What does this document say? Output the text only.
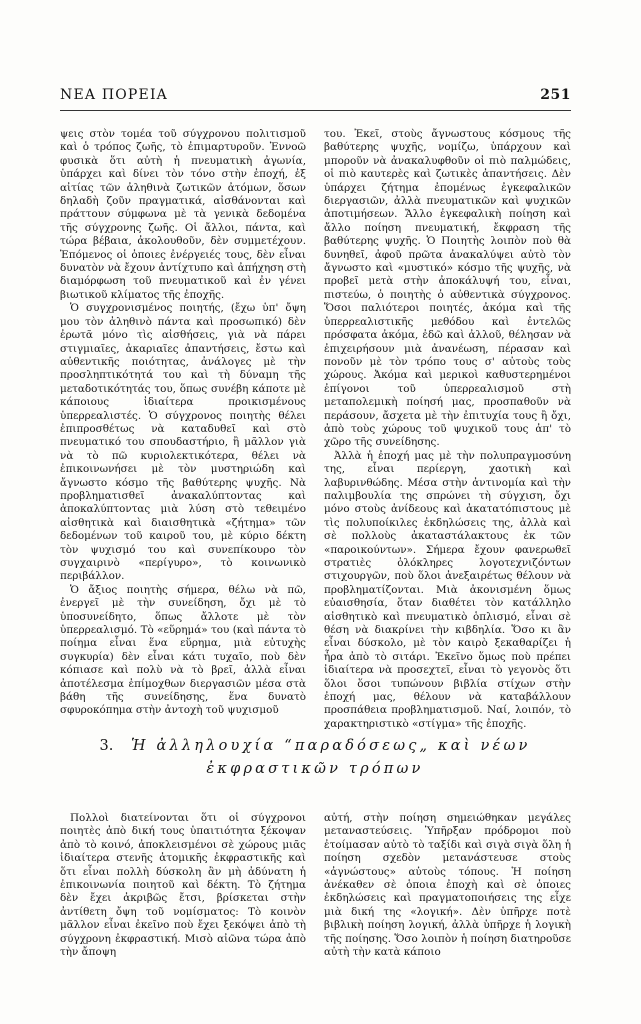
ΝΕΑ ΠΟΡΕΙΑ	251

ψεις στὸν τομέα τοῦ σύγχρονου πολιτισμοῦ καὶ ὁ τρόπος ζωῆς, τὸ ἐπιμαρτυροῦν. Ἐννοῶ φυσικὰ ὅτι αὐτὴ ἡ πνευματικὴ ἀγωνία, ὑπάρχει καὶ δίνει τὸν τόνο στὴν ἐποχή, ἐξ αἰτίας τῶν ἀληθινὰ ζωτικῶν ἀτόμων, ὅσων δηλαδὴ ζοῦν πραγματικά, αἰσθάνονται καὶ πράττουν σύμφωνα μὲ τὰ γενικὰ δεδομένα τῆς σύγχρονης ζωῆς. Οἱ ἄλλοι, πάντα, καὶ τώρα βέβαια, ἀκολουθοῦν, δὲν συμμετέχουν. Ἑπόμενος οἱ ὁποιες ἐνέργειές τους, δὲν εἶναι δυνατὸν νὰ ἔχουν ἀντίχτυπο καὶ ἀπήχηση στὴ διαμόρφωση τοῦ πνευματικοῦ καὶ ἐν γένει βιωτικοῦ κλίματος τῆς ἐποχῆς.

Ὁ συγχρονισμένος ποιητής, (ἔχω ὑπ' ὄψη μου τὸν ἀληθινὸ πάντα καὶ προσωπικό) δὲν ἐρωτᾶ μόνο τὶς αἰσθήσεις, γιὰ νὰ πάρει στιγμιαῖες, ἀκαριαῖες ἀπαντήσεις, ἔστω καὶ αὐθεντικῆς ποιότητας, ἀνάλογες μὲ τὴν προσληπτικότητά του καὶ τὴ δύναμη τῆς μεταδοτικότητάς του, ὅπως συνέβη κάποτε μὲ κάποιους ἰδιαίτερα προικισμένους ὑπερρεαλιστές. Ὁ σύγχρονος ποιητὴς θέλει ἐπιπροσθέτως νὰ καταδυθεῖ καὶ στὸ πνευματικό του σπουδαστήριο, ἢ μᾶλλον γιὰ νὰ τὸ πῶ κυριολεκτικότερα, θέλει νὰ ἐπικοινωνήσει μὲ τὸν μυστηριώδη καὶ ἄγνωστο κόσμο τῆς βαθύτερης ψυχῆς. Νὰ προβληματισθεῖ ἀνακαλύπτοντας καὶ ἀποκαλύπτοντας μιὰ λύση στὸ τεθειμένο αἰσθητικὰ καὶ διαισθητικὰ «ζήτημα» τῶν δεδομένων τοῦ καιροῦ του, μὲ κύριο δέκτη τὸν ψυχισμό του καὶ συνεπίκουρο τὸν συγχαιρινὸ «περίγυρο», τὸ κοινωνικὸ περιβάλλον.

Ὁ ἄξιος ποιητὴς σήμερα, θέλω νὰ πῶ, ἐνεργεῖ μὲ τὴν συνείδηση, ὄχι μὲ τὸ ὑποσυνείδητο, ὅπως ἄλλοτε μὲ τὸν ὑπερρεαλισμό. Τὸ «εὕρημά» του (καὶ πάντα τὸ ποίημα εἶναι ἕνα εὕρημα, μιὰ εὐτυχὴς συγκυρία) δὲν εἶναι κάτι τυχαῖο, ποὺ δὲν κόπιασε καὶ πολὺ νὰ τὸ βρεῖ, ἀλλὰ εἶναι ἀποτέλεσμα ἐπίμοχθων διεργασιῶν μέσα στὰ βάθη τῆς συνείδησης, ἕνα δυνατὸ σφυροκόπημα στὴν ἀντοχὴ τοῦ ψυχισμοῦ

του. Ἐκεῖ, στοὺς ἄγνωστους κόσμους τῆς βαθύτερης ψυχῆς, νομίζω, ὑπάρχουν καὶ μποροῦν νὰ ἀνακαλυφθοῦν οἱ πιὸ παλμώδεις, οἱ πιὸ καυτερὲς καὶ ζωτικὲς ἀπαντήσεις. Δὲν ὑπάρχει ζήτημα ἐπομένως ἐγκεφαλικῶν διεργασιῶν, ἀλλὰ πνευματικῶν καὶ ψυχικῶν ἀποτιμήσεων. Ἄλλο ἐγκεφαλικὴ ποίηση καὶ ἄλλο ποίηση πνευματική, ἔκφραση τῆς βαθύτερης ψυχῆς. Ὁ Ποιητὴς λοιπὸν ποὺ θὰ δυνηθεῖ, ἀφοῦ πρῶτα ἀνακαλύψει αὐτὸ τὸν ἄγνωστο καὶ «μυστικό» κόσμο τῆς ψυχῆς, νὰ προβεῖ μετὰ στὴν ἀποκάλυψή του, εἶναι, πιστεύω, ὁ ποιητὴς ὁ αὐθεντικὰ σύγχρονος. Ὅσοι παλιότεροι ποιητές, ἀκόμα καὶ τῆς ὑπερρεαλιστικῆς μεθόδου καὶ ἐντελῶς πρόσφατα ἀκόμα, ἐδῶ καὶ ἀλλοῦ, θέλησαν νὰ ἐπιχειρήσουν μιὰ ἀνανέωση, πέρασαν καὶ πονοῦν μὲ τὸν τρόπο τους σ' αὐτοὺς τοὺς χώρους. Ἀκόμα καὶ μερικοὶ καθυστερημένοι ἐπίγονοι τοῦ ὑπερρεαλισμοῦ στὴ μεταπολεμικὴ ποίησή μας, προσπαθοῦν νὰ περάσουν, ἄσχετα μὲ τὴν ἐπιτυχία τους ἢ ὄχι, ἀπὸ τοὺς χώρους τοῦ ψυχικοῦ τους ἀπ' τὸ χῶρο τῆς συνείδησης.

Ἀλλὰ ἡ ἐποχή μας μὲ τὴν πολυπραγμοσύνη της, εἶναι περίεργη, χαοτικὴ καὶ λαβυρινθώδης. Μέσα στὴν ἀντινομία καὶ τὴν παλιμβουλία της σπρώνει τὴ σύγχιση, ὄχι μόνο στοὺς ἀνίδεους καὶ ἀκατατόπιστους μὲ τὶς πολυποίκιλες ἐκδηλώσεις της, ἀλλὰ καὶ σὲ πολλοὺς ἀκαταστάλακτους ἐκ τῶν «παροικούντων». Σήμερα ἔχουν φανερωθεῖ στρατιὲς ὁλόκληρες λογοτεχνιζόντων στιχουργῶν, ποὺ ὅλοι ἀνεξαιρέτως θέλουν νὰ προβληματίζονται. Μιὰ ἀκονισμένη ὅμως εὐαισθησία, ὅταν διαθέτει τὸν κατάλληλο αἰσθητικὸ καὶ πνευματικὸ ὁπλισμό, εἶναι σὲ θέση νὰ διακρίνει τὴν κιβδηλία. Ὅσο κι ἂν εἶναι δύσκολο, μὲ τὸν καιρὸ ξεκαθαρίζει ἡ ἦρα ἀπὸ τὸ σιτάρι. Ἐκεῖνο ὅμως ποὺ πρέπει ἰδιαίτερα νὰ προσεχτεῖ, εἶναι τὸ γεγονὸς ὅτι ὅλοι ὅσοι τυπώνουν βιβλία στίχων στὴν ἐποχή μας, θέλουν νὰ καταβάλλουν προσπάθεια προβληματισμοῦ. Ναί, λοιπόν, τὸ χαρακτηριστικὸ «στίγμα» τῆς ἐποχῆς.

3. Ἡ ἀλληλουχία “παραδόσεως„ καὶ νέων
ἐκφραστικῶν τρόπων

Πολλοὶ διατείνονται ὅτι οἱ σύγχρονοι ποιητὲς ἀπὸ δική τους ὑπαιτιότητα ξέκοψαν ἀπὸ τὸ κοινό, ἀποκλεισμένοι σὲ χώρους μιᾶς ἰδιαίτερα στενῆς ἀτομικῆς ἐκφραστικῆς καὶ ὅτι εἶναι πολλὴ δύσκολη ἂν μὴ ἀδύνατη ἡ ἐπικοινωνία ποιητοῦ καὶ δέκτη. Τὸ ζήτημα δὲν ἔχει ἀκριβῶς ἔτσι, βρίσκεται στὴν ἀντίθετη ὄψη τοῦ νομίσματος: Τὸ κοινὸν μᾶλλον εἶναι ἐκεῖνο ποὺ ἔχει ξεκόψει ἀπὸ τὴ σύγχρονη ἐκφραστική. Μισὸ αἰῶνα τώρα ἀπὸ τὴν ἄποψη

αὐτή, στὴν ποίηση σημειώθηκαν μεγάλες μεταναστεύσεις. Ὑπῆρξαν πρόδρομοι ποὺ ἐτοίμασαν αὐτὸ τὸ ταξίδι καὶ σιγὰ σιγὰ ὅλη ἡ ποίηση σχεδὸν μετανάστευσε στοὺς «ἀγνώστους» αὐτοὺς τόπους. Ἡ ποίηση ἀνέκαθεν σὲ ὁποια ἐποχὴ καὶ σὲ ὁποιες ἐκδηλώσεις καὶ πραγματοποιήσεις της εἶχε μιὰ δική της «λογική». Δὲν ὑπῆρχε ποτὲ βιβλικὴ ποίηση λογική, ἀλλὰ ὑπῆρχε ἡ λογικὴ τῆς ποίησης. Ὅσο λοιπὸν ἡ ποίηση διατηροῦσε αὐτὴ τὴν κατὰ κάποιο
